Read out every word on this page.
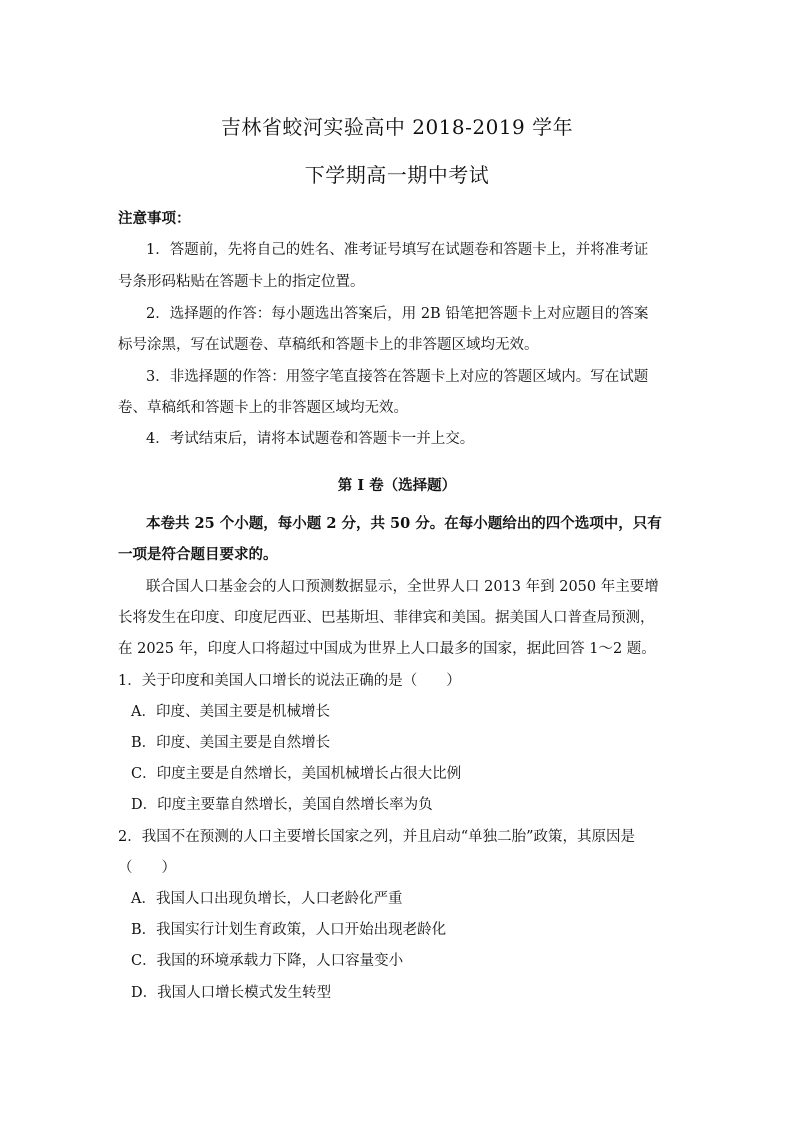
吉林省蛟河实验高中 2018-2019 学年
下学期高一期中考试
注意事项：
1．答题前，先将自己的姓名、准考证号填写在试题卷和答题卡上，并将准考证
号条形码粘贴在答题卡上的指定位置。
2．选择题的作答：每小题选出答案后，用 2B 铅笔把答题卡上对应题目的答案
标号涂黑，写在试题卷、草稿纸和答题卡上的非答题区域均无效。
3．非选择题的作答：用签字笔直接答在答题卡上对应的答题区域内。写在试题
卷、草稿纸和答题卡上的非答题区域均无效。
4．考试结束后，请将本试题卷和答题卡一并上交。
第 I 卷（选择题）
本卷共 25 个小题，每小题 2 分，共 50 分。在每小题给出的四个选项中，只有
一项是符合题目要求的。
联合国人口基金会的人口预测数据显示，全世界人口 2013 年到 2050 年主要增
长将发生在印度、印度尼西亚、巴基斯坦、菲律宾和美国。据美国人口普查局预测，
在 2025 年，印度人口将超过中国成为世界上人口最多的国家，据此回答 1～2 题。
1．关于印度和美国人口增长的说法正确的是（　　）
A．印度、美国主要是机械增长
B．印度、美国主要是自然增长
C．印度主要是自然增长，美国机械增长占很大比例
D．印度主要靠自然增长，美国自然增长率为负
2．我国不在预测的人口主要增长国家之列，并且启动“单独二胎”政策，其原因是
（　　）
A．我国人口出现负增长，人口老龄化严重
B．我国实行计划生育政策，人口开始出现老龄化
C．我国的环境承载力下降，人口容量变小
D．我国人口增长模式发生转型
